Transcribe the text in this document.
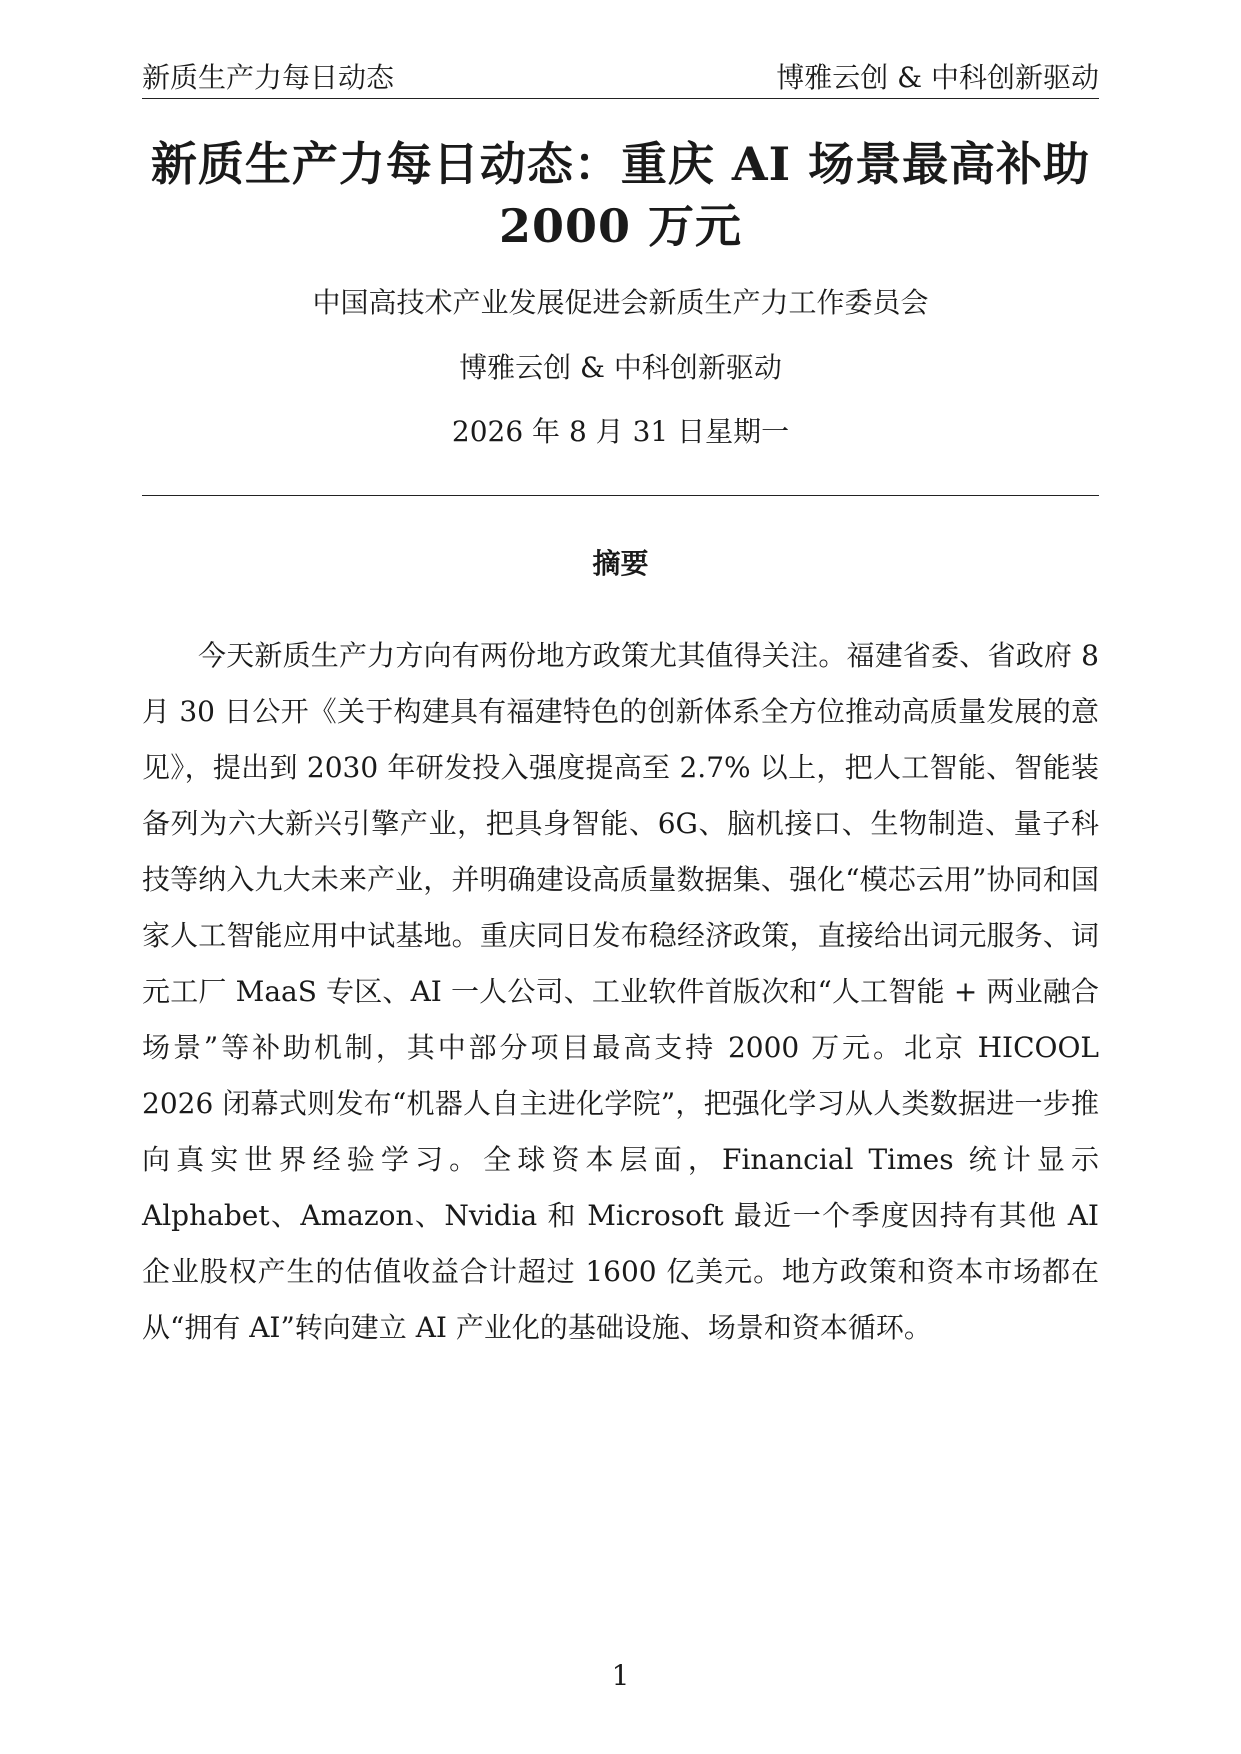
新质生产力每日动态	博雅云创 & 中科创新驱动
新质生产力每日动态：重庆 AI 场景最高补助 2000 万元
中国高技术产业发展促进会新质生产力工作委员会
博雅云创 & 中科创新驱动
2026 年 8 月 31 日星期一
摘要

今天新质生产力方向有两份地方政策尤其值得关注。福建省委、省政府 8 月 30 日公开《关于构建具有福建特色的创新体系全方位推动高质量发展的意见》，提出到 2030 年研发投入强度提高至 2.7% 以上，把人工智能、智能装备列为六大新兴引擎产业，把具身智能、6G、脑机接口、生物制造、量子科技等纳入九大未来产业，并明确建设高质量数据集、强化“模芯云用”协同和国家人工智能应用中试基地。重庆同日发布稳经济政策，直接给出词元服务、词元工厂 MaaS 专区、AI 一人公司、工业软件首版次和“人工智能 + 两业融合场景”等补助机制，其中部分项目最高支持 2000 万元。北京 HICOOL 2026 闭幕式则发布“机器人自主进化学院”，把强化学习从人类数据进一步推向真实世界经验学习。全球资本层面，Financial Times 统计显示 Alphabet、Amazon、Nvidia 和 Microsoft 最近一个季度因持有其他 AI 企业股权产生的估值收益合计超过 1600 亿美元。地方政策和资本市场都在从“拥有 AI”转向建立 AI 产业化的基础设施、场景和资本循环。

1
